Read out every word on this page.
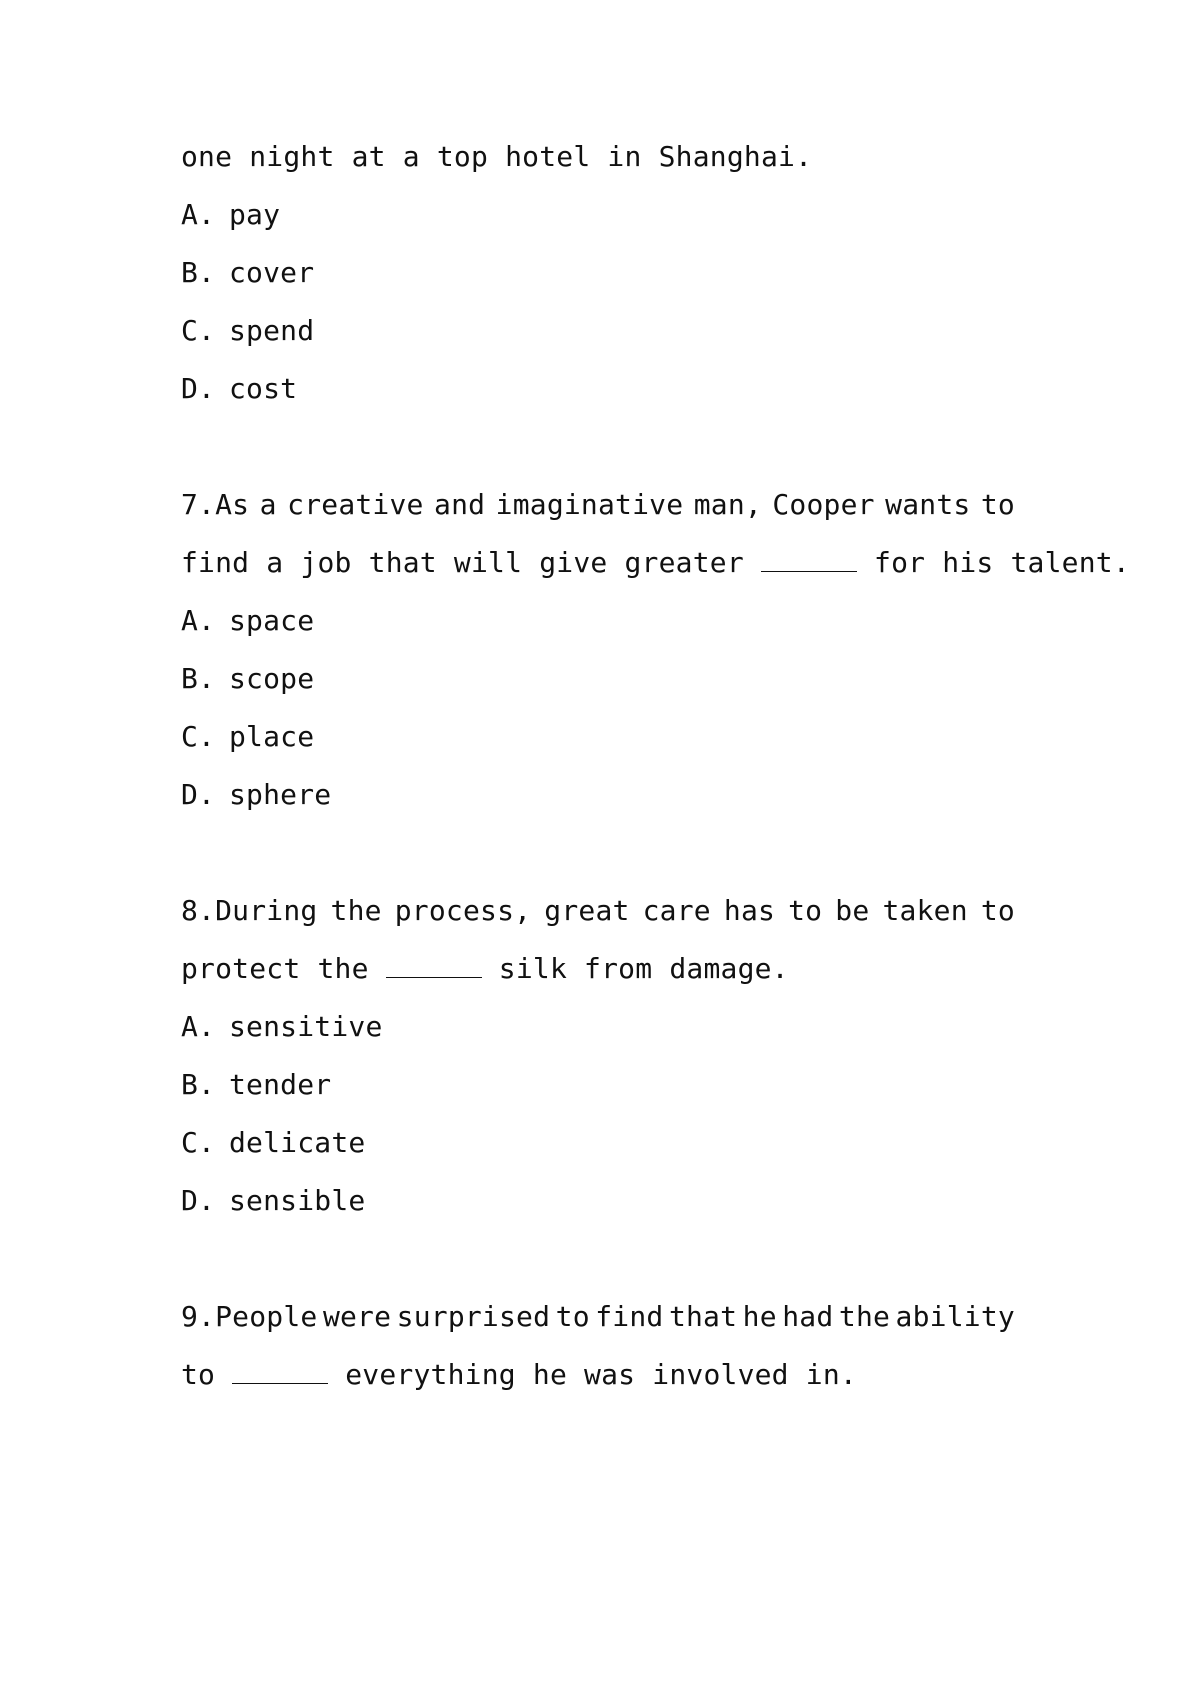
one night at a top hotel in Shanghai.
A. pay
B. cover
C. spend
D. cost
7.As a creative and imaginative man, Cooper wants to
find a job that will give greater	for his talent.
A. space
B. scope
C. place
D. sphere
8.During the process, great care has to be taken to
protect the	silk from damage.
A. sensitive
B. tender
C. delicate
D. sensible
9.People were surprised to find that he had the ability
to	everything he was involved in.
